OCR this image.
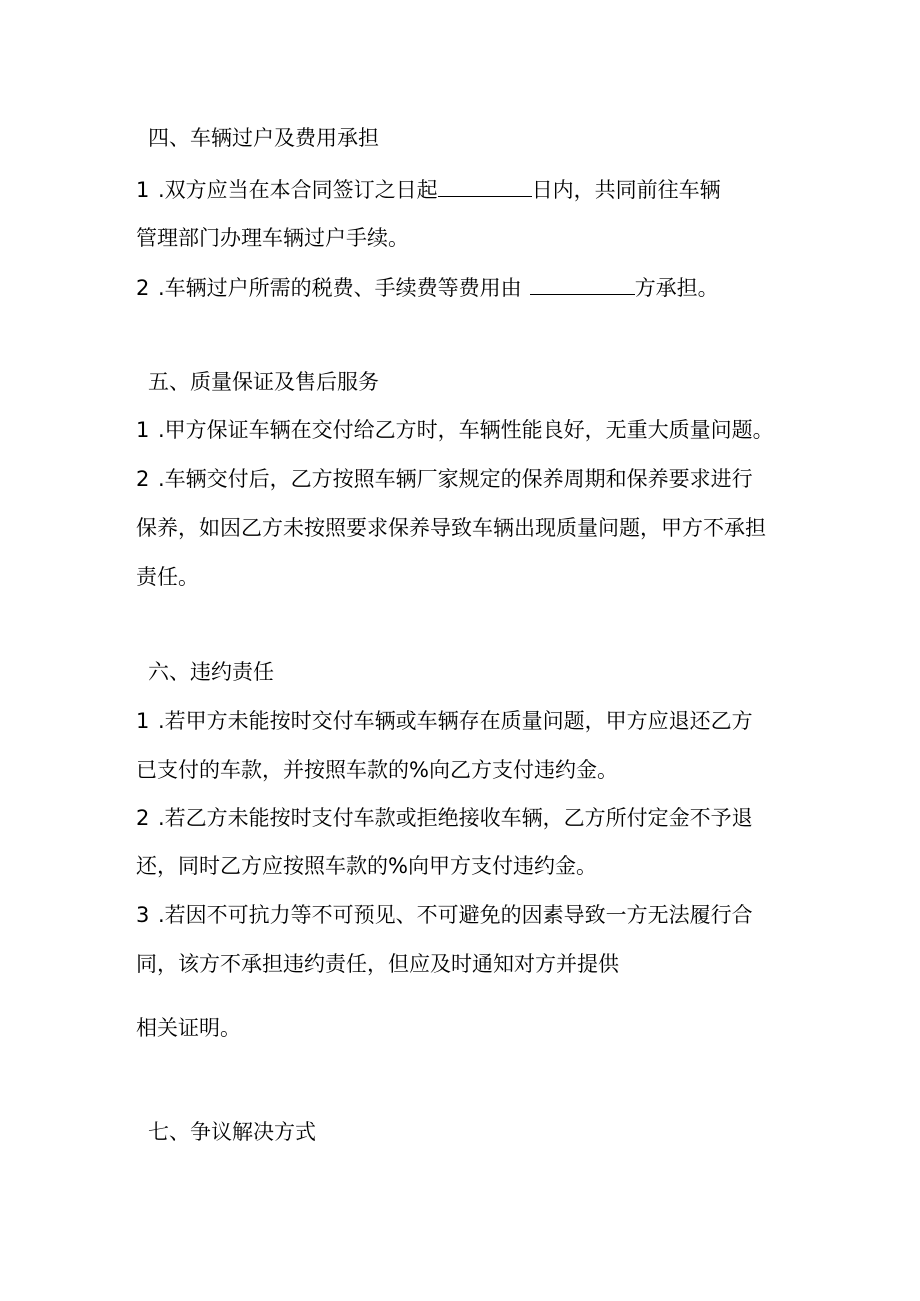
四、车辆过户及费用承担
1 .双方应当在本合同签订之日起	日内，共同前往车辆
管理部门办理车辆过户手续。
2 .车辆过户所需的税费、手续费等费用由	方承担。
五、质量保证及售后服务
1 .甲方保证车辆在交付给乙方时，车辆性能良好，无重大质量问题。
2 .车辆交付后，乙方按照车辆厂家规定的保养周期和保养要求进行
保养，如因乙方未按照要求保养导致车辆出现质量问题，甲方不承担
责任。
六、违约责任
1 .若甲方未能按时交付车辆或车辆存在质量问题，甲方应退还乙方
已支付的车款，并按照车款的%向乙方支付违约金。
2 .若乙方未能按时支付车款或拒绝接收车辆，乙方所付定金不予退
还，同时乙方应按照车款的%向甲方支付违约金。
3 .若因不可抗力等不可预见、不可避免的因素导致一方无法履行合
同，该方不承担违约责任，但应及时通知对方并提供
相关证明。
七、争议解决方式
